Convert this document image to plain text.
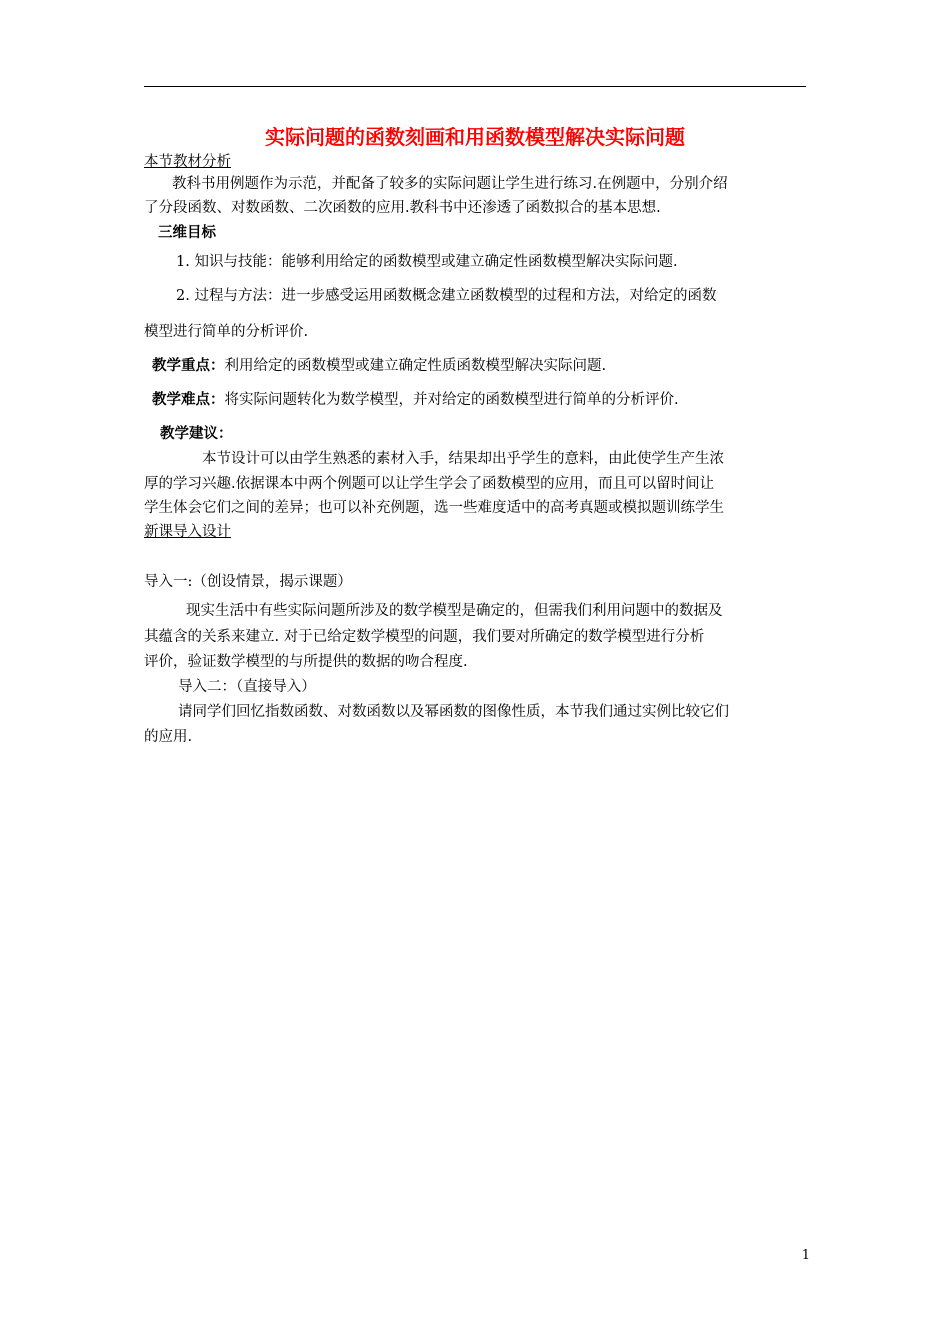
实际问题的函数刻画和用函数模型解决实际问题

本节教材分析

教科书用例题作为示范，并配备了较多的实际问题让学生进行练习.在例题中，分别介绍

了分段函数、对数函数、二次函数的应用.教科书中还渗透了函数拟合的基本思想.

三维目标

1. 知识与技能：能够利用给定的函数模型或建立确定性函数模型解决实际问题.

2. 过程与方法：进一步感受运用函数概念建立函数模型的过程和方法，对给定的函数

模型进行简单的分析评价.

教学重点：利用给定的函数模型或建立确定性质函数模型解决实际问题.

教学难点：将实际问题转化为数学模型，并对给定的函数模型进行简单的分析评价.

教学建议：

本节设计可以由学生熟悉的素材入手，结果却出乎学生的意料，由此使学生产生浓

厚的学习兴趣.依据课本中两个例题可以让学生学会了函数模型的应用，而且可以留时间让

学生体会它们之间的差异；也可以补充例题，选一些难度适中的高考真题或模拟题训练学生

新课导入设计

导入一:（创设情景，揭示课题）

现实生活中有些实际问题所涉及的数学模型是确定的，但需我们利用问题中的数据及

其蕴含的关系来建立. 对于已给定数学模型的问题，我们要对所确定的数学模型进行分析

评价，验证数学模型的与所提供的数据的吻合程度.

导入二：（直接导入）

请同学们回忆指数函数、对数函数以及幂函数的图像性质，本节我们通过实例比较它们

的应用.

1
